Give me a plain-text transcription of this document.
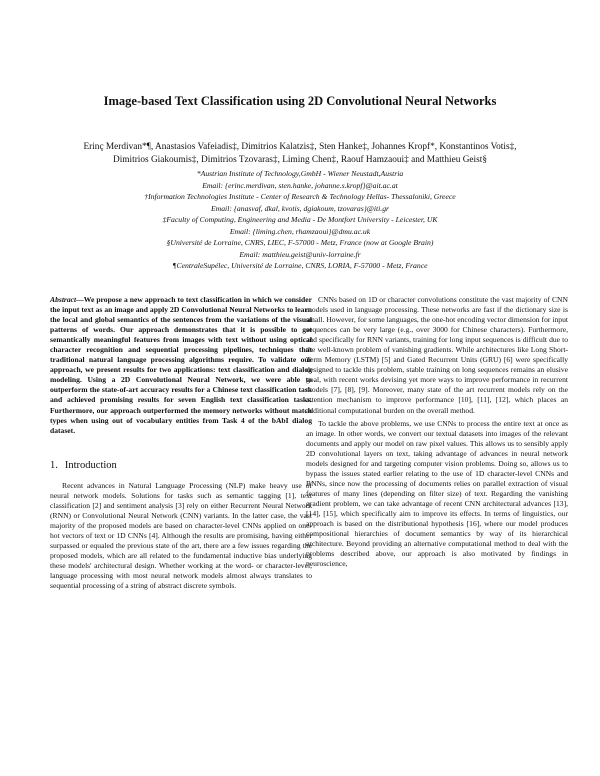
Image-based Text Classification using 2D Convolutional Neural Networks
Erinç Merdivan*¶, Anastasios Vafeiadis‡, Dimitrios Kalatzis‡, Sten Hanke‡, Johannes Kropf*, Konstantinos Votis‡,
Dimitrios Giakoumis‡, Dimitrios Tzovaras‡, Liming Chen‡, Raouf Hamzaoui‡ and Matthieu Geist§
*Austrian Institute of Technology,GmbH - Wiener Neustadt,Austria
Email: {erinc.merdivan, sten.hanke, johanne.s.kropf}@ait.ac.at
†Information Technologies Institute - Center of Research & Technology Hellas- Thessaloniki, Greece
Email: {anasvaf, dkal, kvotis, dgiakoum, tzovaras}@iti.gr
‡Faculty of Computing, Engineering and Media - De Montfort University - Leicester, UK
Email: {liming.chen, rhamzaoui}@dmu.ac.uk
§Université de Lorraine, CNRS, LIEC, F-57000 - Metz, France (now at Google Brain)
Email: matthieu.geist@univ-lorraine.fr
¶CentraleSupélec, Université de Lorraine, CNRS, LORIA, F-57000 - Metz, France

Abstract—We propose a new approach to text classification in which we consider the input text as an image and apply 2D Convolutional Neural Networks to learn the local and global semantics of the sentences from the variations of the visual patterns of words. Our approach demonstrates that it is possible to get semantically meaningful features from images with text without using optical character recognition and sequential processing pipelines, techniques that traditional natural language processing algorithms require. To validate our approach, we present results for two applications: text classification and dialog modeling. Using a 2D Convolutional Neural Network, we were able to outperform the state-of-art accuracy results for a Chinese text classification task and achieved promising results for seven English text classification tasks. Furthermore, our approach outperformed the memory networks without match types when using out of vocabulary entities from Task 4 of the bAbI dialog dataset.

1. Introduction

Recent advances in Natural Language Processing (NLP) make heavy use of neural network models. Solutions for tasks such as semantic tagging [1], text classification [2] and sentiment analysis [3] rely on either Recurrent Neural Network (RNN) or Convolutional Neural Network (CNN) variants. In the latter case, the vast majority of the proposed models are based on character-level CNNs applied on one-hot vectors of text or 1D CNNs [4]. Although the results are promising, having either surpassed or equaled the previous state of the art, there are a few issues regarding the proposed models, which are all related to the fundamental inductive bias underlying these models' architectural design. Whether working at the word- or character-level, language processing with most neural network models almost always translates to sequential processing of a string of abstract discrete symbols.

CNNs based on 1D or character convolutions constitute the vast majority of CNN models used in language processing. These networks are fast if the dictionary size is small. However, for some languages, the one-hot encoding vector dimension for input sequences can be very large (e.g., over 3000 for Chinese characters). Furthermore, and specifically for RNN variants, training for long input sequences is difficult due to the well-known problem of vanishing gradients. While architectures like Long Short-Term Memory (LSTM) [5] and Gated Recurrent Units (GRU) [6] were specifically designed to tackle this problem, stable training on long sequences remains an elusive goal, with recent works devising yet more ways to improve performance in recurrent models [7], [8], [9]. Moreover, many state of the art recurrent models rely on the attention mechanism to improve performance [10], [11], [12], which places an additional computational burden on the overall method.

To tackle the above problems, we use CNNs to process the entire text at once as an image. In other words, we convert our textual datasets into images of the relevant documents and apply our model on raw pixel values. This allows us to sensibly apply 2D convolutional layers on text, taking advantage of advances in neural network models designed for and targeting computer vision problems. Doing so, allows us to bypass the issues stated earlier relating to the use of 1D character-level CNNs and RNNs, since now the processing of documents relies on parallel extraction of visual features of many lines (depending on filter size) of text. Regarding the vanishing gradient problem, we can take advantage of recent CNN architectural advances [13], [14], [15], which specifically aim to improve its effects. In terms of linguistics, our approach is based on the distributional hypothesis [16], where our model produces compositional hierarchies of document semantics by way of its hierarchical architecture. Beyond providing an alternative computational method to deal with the problems described above, our approach is also motivated by findings in neuroscience,
